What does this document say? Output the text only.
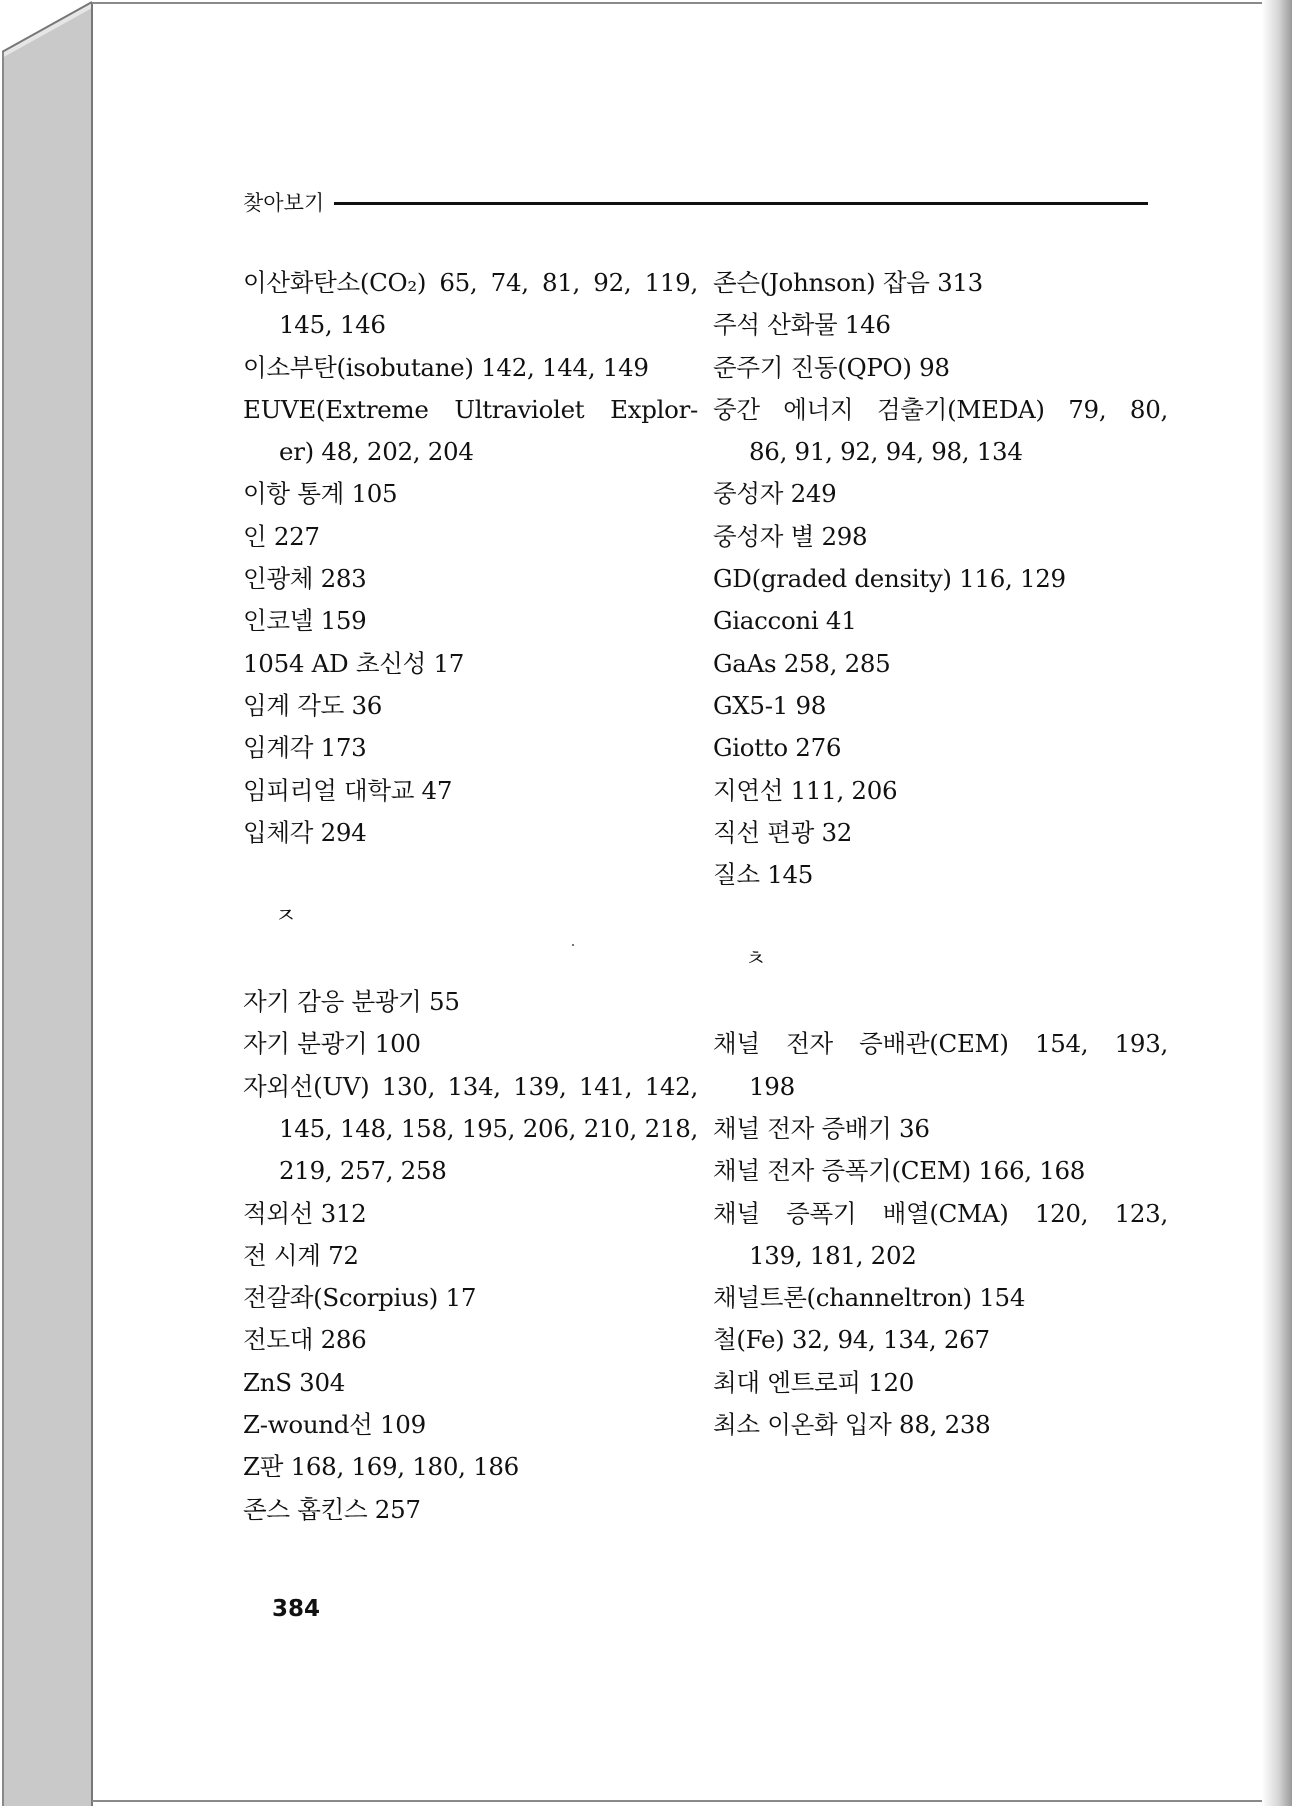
찾아보기
이산화탄소(CO₂) 65, 74, 81, 92, 119,
145, 146
이소부탄(isobutane) 142, 144, 149
EUVE(Extreme Ultraviolet Explor-
er) 48, 202, 204
이항 통계 105
인 227
인광체 283
인코넬 159
1054 AD 초신성 17
임계 각도 36
임계각 173
임피리얼 대학교 47
입체각 294
ㅈ
자기 감응 분광기 55
자기 분광기 100
자외선(UV) 130, 134, 139, 141, 142,
145, 148, 158, 195, 206, 210, 218,
219, 257, 258
적외선 312
전 시계 72
전갈좌(Scorpius) 17
전도대 286
ZnS 304
Z-wound선 109
Z판 168, 169, 180, 186
존스 홉킨스 257
존슨(Johnson) 잡음 313
주석 산화물 146
준주기 진동(QPO) 98
중간 에너지 검출기(MEDA) 79, 80,
86, 91, 92, 94, 98, 134
중성자 249
중성자 별 298
GD(graded density) 116, 129
Giacconi 41
GaAs 258, 285
GX5-1 98
Giotto 276
지연선 111, 206
직선 편광 32
질소 145
ㅊ
채널 전자 증배관(CEM) 154, 193,
198
채널 전자 증배기 36
채널 전자 증폭기(CEM) 166, 168
채널 증폭기 배열(CMA) 120, 123,
139, 181, 202
채널트론(channeltron) 154
철(Fe) 32, 94, 134, 267
최대 엔트로피 120
최소 이온화 입자 88, 238
384
